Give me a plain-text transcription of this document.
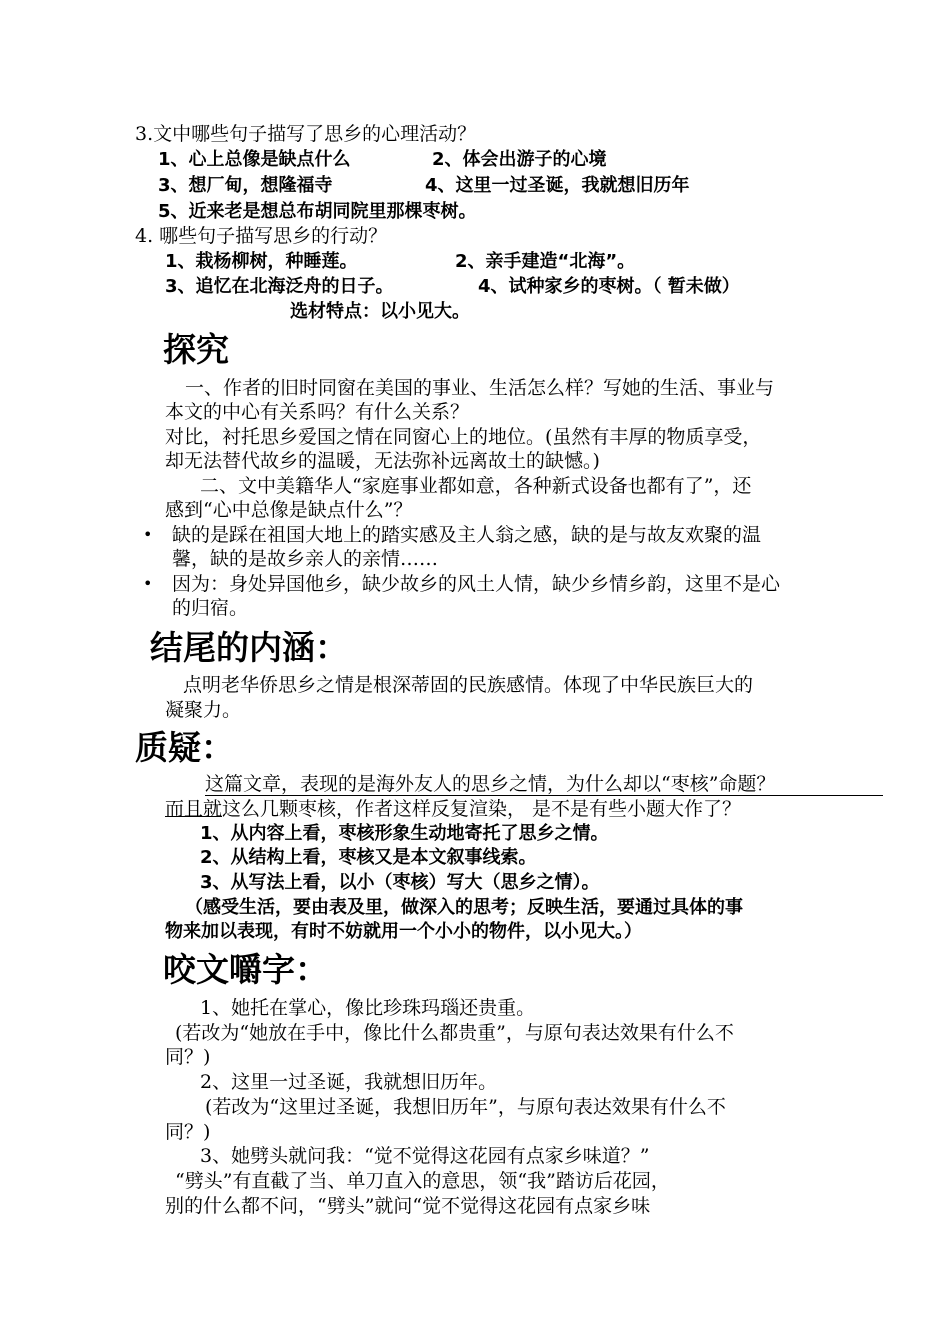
3.文中哪些句子描写了思乡的心理活动？
1、心上总像是缺点什么	2、体会出游子的心境
3、想厂甸，想隆福寺	4、这里一过圣诞，我就想旧历年
5、近来老是想总布胡同院里那棵枣树。
4. 哪些句子描写思乡的行动？
1、栽杨柳树，种睡莲。	2、亲手建造“北海”。
3、追忆在北海泛舟的日子。	4、试种家乡的枣树。（ 暂未做）
选材特点：以小见大。
探究
一、作者的旧时同窗在美国的事业、生活怎么样？写她的生活、事业与
本文的中心有关系吗？有什么关系？
对比，衬托思乡爱国之情在同窗心上的地位。(虽然有丰厚的物质享受，
却无法替代故乡的温暖，无法弥补远离故土的缺憾。)
二、文中美籍华人“家庭事业都如意，各种新式设备也都有了”，还
感到“心中总像是缺点什么”？
• 缺的是踩在祖国大地上的踏实感及主人翁之感，缺的是与故友欢聚的温
馨，缺的是故乡亲人的亲情……
• 因为：身处异国他乡，缺少故乡的风土人情，缺少乡情乡韵，这里不是心
的归宿。
结尾的内涵：
点明老华侨思乡之情是根深蒂固的民族感情。体现了中华民族巨大的
凝聚力。
质疑：
这篇文章，表现的是海外友人的思乡之情，为什么却以“枣核”命题？
而且就这么几颗枣核，作者这样反复渲染， 是不是有些小题大作了？
1、从内容上看，枣核形象生动地寄托了思乡之情。
2、从结构上看，枣核又是本文叙事线索。
3、从写法上看，以小（枣核）写大（思乡之情）。
（感受生活，要由表及里，做深入的思考；反映生活，要通过具体的事
物来加以表现，有时不妨就用一个小小的物件，以小见大。）
咬文嚼字：
1、她托在掌心，像比珍珠玛瑙还贵重。
(若改为“她放在手中，像比什么都贵重”，与原句表达效果有什么不
同？)
2、这里一过圣诞，我就想旧历年。
(若改为“这里过圣诞，我想旧历年”，与原句表达效果有什么不
同？)
3、她劈头就问我：“觉不觉得这花园有点家乡味道？”
“劈头”有直截了当、单刀直入的意思，领“我”踏访后花园，
别的什么都不问，“劈头”就问“觉不觉得这花园有点家乡味
